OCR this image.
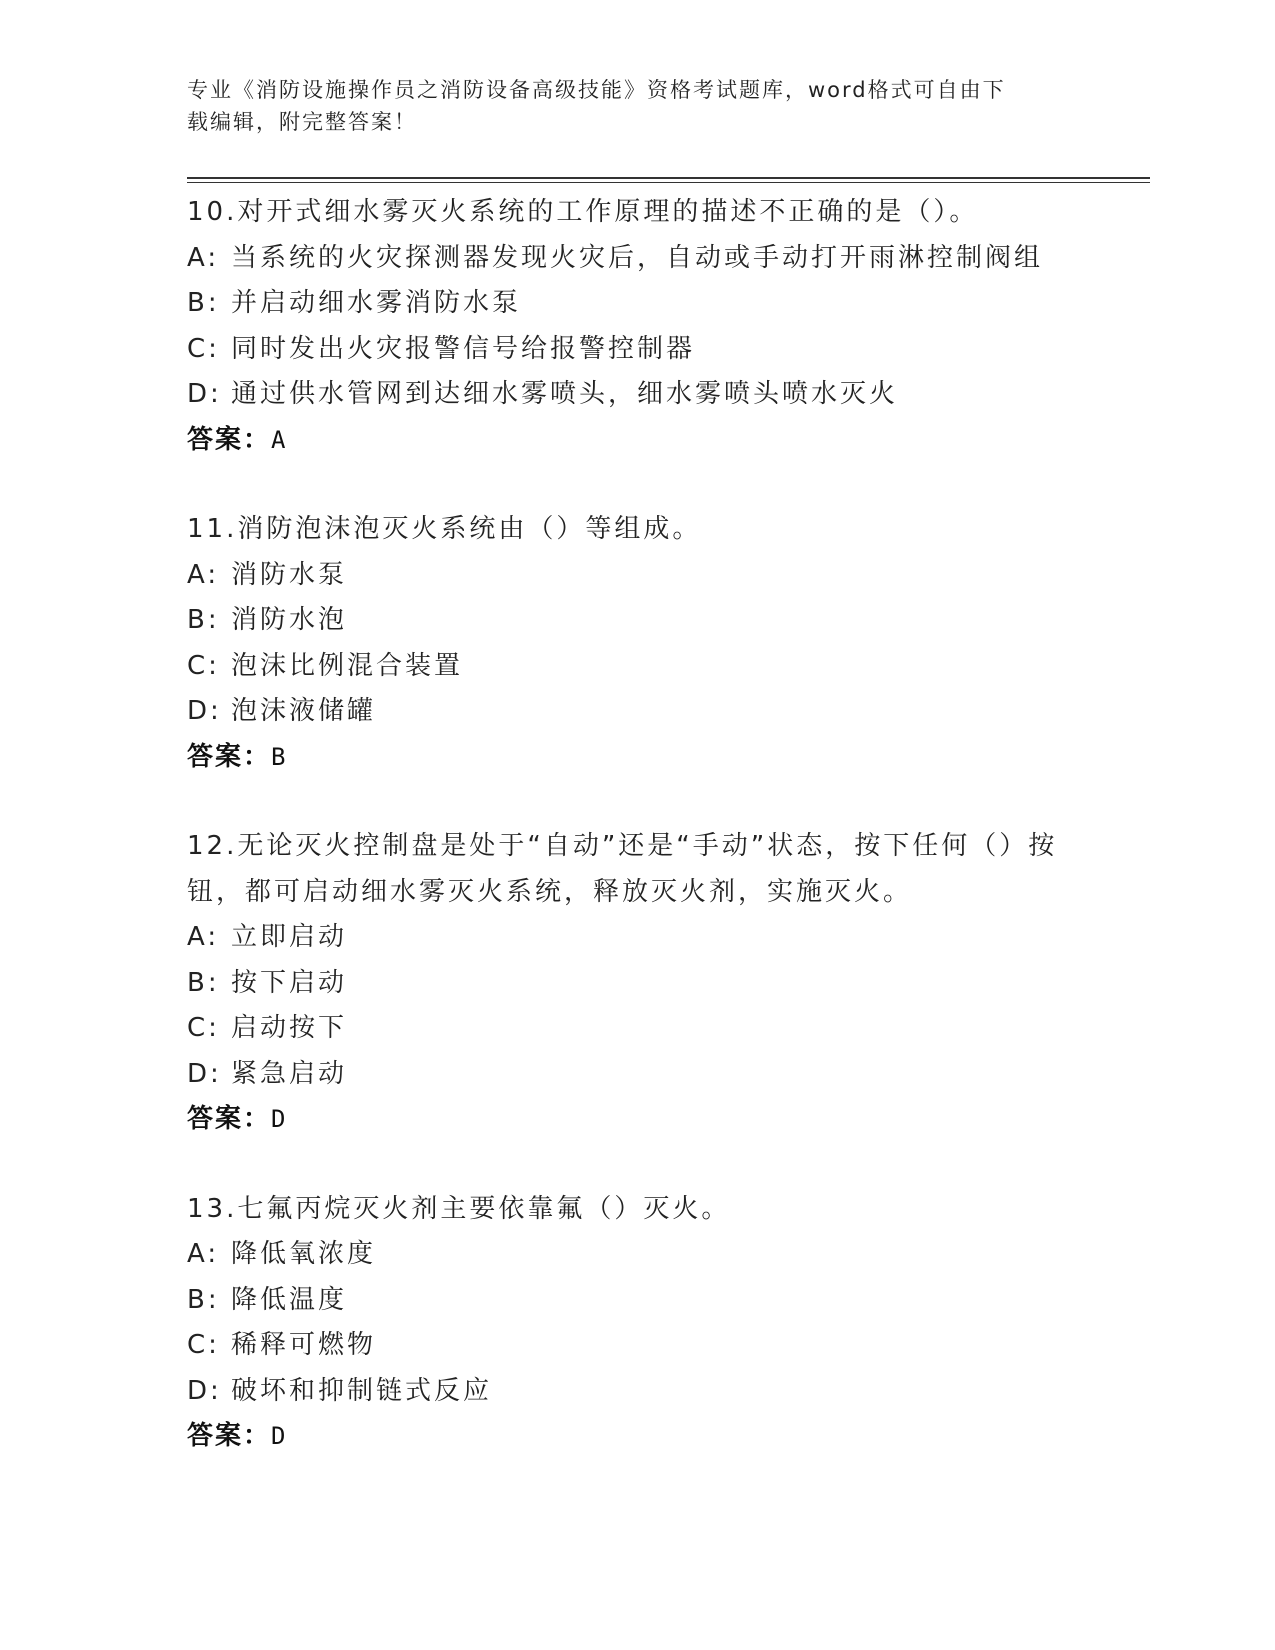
专业《消防设施操作员之消防设备高级技能》资格考试题库，word格式可自由下
载编辑，附完整答案！
10.对开式细水雾灭火系统的工作原理的描述不正确的是（）。
A: 当系统的火灾探测器发现火灾后，自动或手动打开雨淋控制阀组
B: 并启动细水雾消防水泵
C: 同时发出火灾报警信号给报警控制器
D: 通过供水管网到达细水雾喷头，细水雾喷头喷水灭火
答案：A
11.消防泡沫泡灭火系统由（）等组成。
A: 消防水泵
B: 消防水泡
C: 泡沫比例混合装置
D: 泡沫液储罐
答案：B
12.无论灭火控制盘是处于“自动”还是“手动”状态，按下任何（）按钮，都可启动细水雾灭火系统，释放灭火剂，实施灭火。
A: 立即启动
B: 按下启动
C: 启动按下
D: 紧急启动
答案：D
13.七氟丙烷灭火剂主要依靠氟（）灭火。
A: 降低氧浓度
B: 降低温度
C: 稀释可燃物
D: 破坏和抑制链式反应
答案：D
